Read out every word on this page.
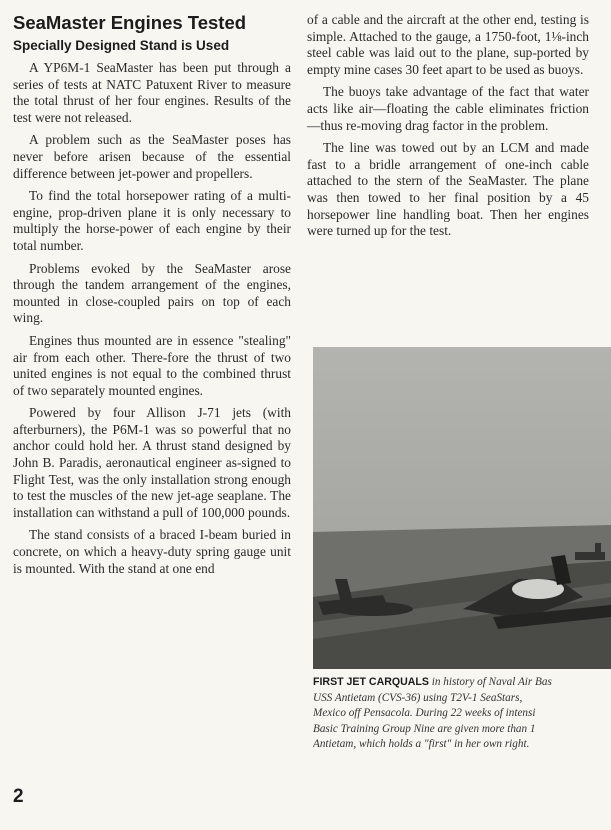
SeaMaster Engines Tested
Specially Designed Stand is Used

A YP6M-1 SeaMaster has been put through a series of tests at NATC Patuxent River to measure the total thrust of her four engines. Results of the test were not released.

A problem such as the SeaMaster poses has never before arisen because of the essential difference between jet-power and propellers.

To find the total horsepower rating of a multi-engine, prop-driven plane it is only necessary to multiply the horse-power of each engine by their total number.

Problems evoked by the SeaMaster arose through the tandem arrangement of the engines, mounted in close-coupled pairs on top of each wing.

Engines thus mounted are in essence "stealing" air from each other. There-fore the thrust of two united engines is not equal to the combined thrust of two separately mounted engines.

Powered by four Allison J-71 jets (with afterburners), the P6M-1 was so powerful that no anchor could hold her. A thrust stand designed by John B. Paradis, aeronautical engineer as-signed to Flight Test, was the only installation strong enough to test the muscles of the new jet-age seaplane. The installation can withstand a pull of 100,000 pounds.

The stand consists of a braced I-beam buried in concrete, on which a heavy-duty spring gauge unit is mounted. With the stand at one end

of a cable and the aircraft at the other end, testing is simple. Attached to the gauge, a 1750-foot, 1⅛-inch steel cable was laid out to the plane, sup-ported by empty mine cases 30 feet apart to be used as buoys.

The buoys take advantage of the fact that water acts like air—floating the cable eliminates friction—thus re-moving drag factor in the problem.

The line was towed out by an LCM and made fast to a bridle arrangement of one-inch cable attached to the stern of the SeaMaster. The plane was then towed to her final position by a 45 horsepower line handling boat. Then her engines were turned up for the test.

FIRST JET CARQUALS in history of Naval Air Bas
USS Antietam (CVS-36) using T2V-1 SeaStars,
Mexico off Pensacola. During 22 weeks of intensi
Basic Training Group Nine are given more than 1
Antietam, which holds a "first" in her own right.
2
